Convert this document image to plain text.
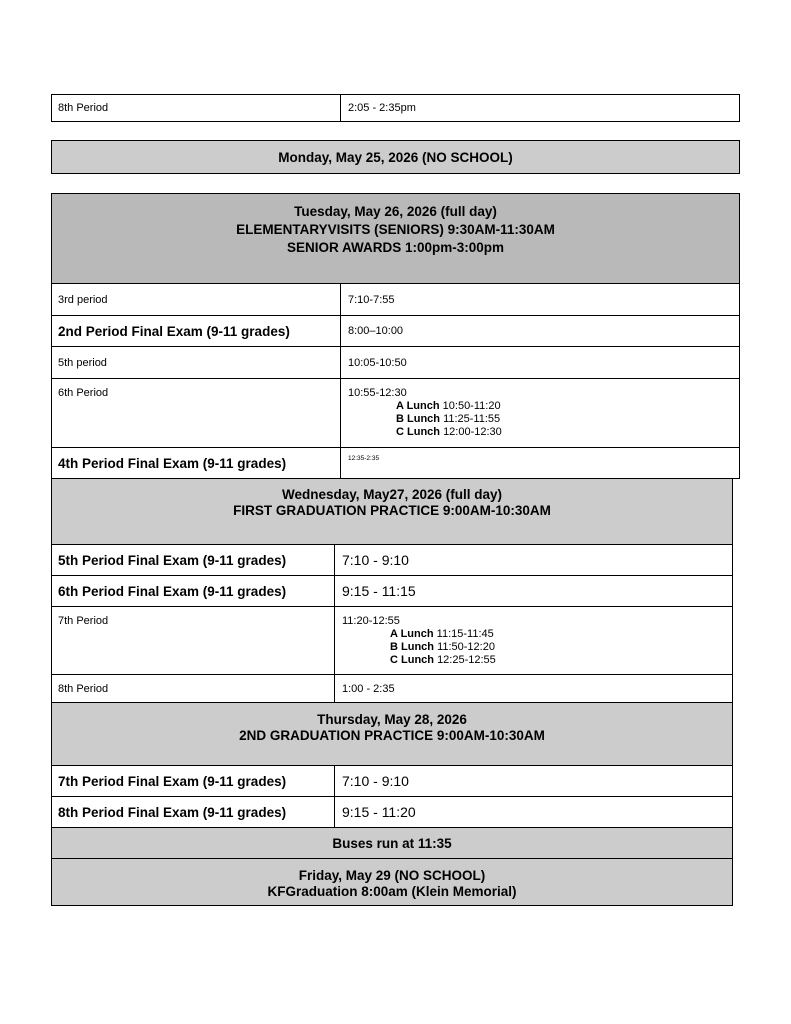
8th Period	2:05 - 2:35pm
Monday, May 25, 2026 (NO SCHOOL)
Tuesday, May 26, 2026 (full day)
ELEMENTARYVISITS (SENIORS) 9:30AM-11:30AM
SENIOR AWARDS 1:00pm-3:00pm
3rd period	7:10-7:55
2nd Period Final Exam (9-11 grades)	8:00–10:00
5th period	10:05-10:50
6th Period	10:55-12:30
A Lunch 10:50-11:20
B Lunch 11:25-11:55
C Lunch 12:00-12:30
4th Period Final Exam (9-11 grades)	12:35-2:35
Wednesday, May27, 2026 (full day)
FIRST GRADUATION PRACTICE 9:00AM-10:30AM
5th Period Final Exam (9-11 grades)	7:10 - 9:10
6th Period Final Exam (9-11 grades)	9:15 - 11:15
7th Period	11:20-12:55
A Lunch 11:15-11:45
B Lunch 11:50-12:20
C Lunch 12:25-12:55
8th Period	1:00 - 2:35
Thursday, May 28, 2026
2ND GRADUATION PRACTICE 9:00AM-10:30AM
7th Period Final Exam (9-11 grades)	7:10 - 9:10
8th Period Final Exam (9-11 grades)	9:15 - 11:20
Buses run at 11:35
Friday, May 29 (NO SCHOOL)
KFGraduation 8:00am (Klein Memorial)
